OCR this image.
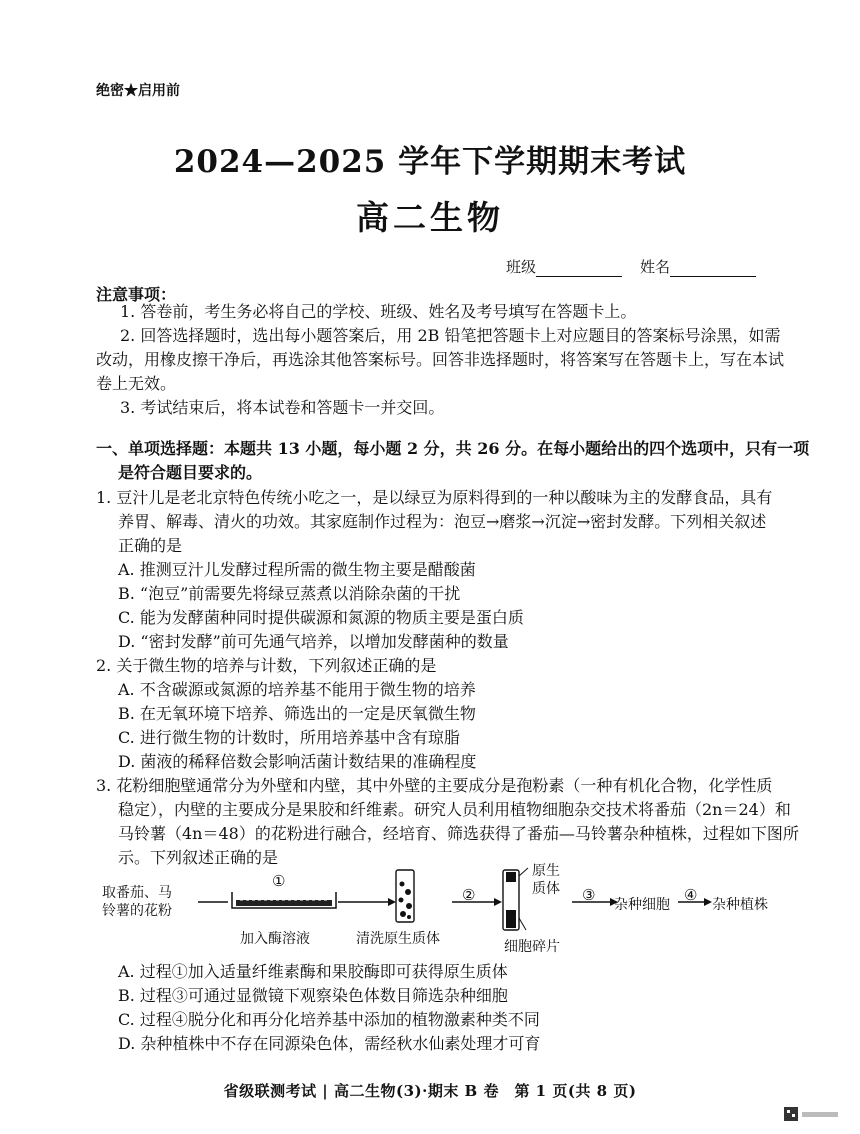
绝密★启用前
2024—2025 学年下学期期末考试
高二生物
班级	姓名
注意事项：
1. 答卷前，考生务必将自己的学校、班级、姓名及考号填写在答题卡上。
2. 回答选择题时，选出每小题答案后，用 2B 铅笔把答题卡上对应题目的答案标号涂黑，如需
改动，用橡皮擦干净后，再选涂其他答案标号。回答非选择题时，将答案写在答题卡上，写在本试
卷上无效。
3. 考试结束后，将本试卷和答题卡一并交回。
一、单项选择题：本题共 13 小题，每小题 2 分，共 26 分。在每小题给出的四个选项中，只有一项
是符合题目要求的。
1. 豆汁儿是老北京特色传统小吃之一，是以绿豆为原料得到的一种以酸味为主的发酵食品，具有
养胃、解毒、清火的功效。其家庭制作过程为：泡豆→磨浆→沉淀→密封发酵。下列相关叙述
正确的是
A. 推测豆汁儿发酵过程所需的微生物主要是醋酸菌
B. “泡豆”前需要先将绿豆蒸煮以消除杂菌的干扰
C. 能为发酵菌种同时提供碳源和氮源的物质主要是蛋白质
D. “密封发酵”前可先通气培养，以增加发酵菌种的数量
2. 关于微生物的培养与计数，下列叙述正确的是
A. 不含碳源或氮源的培养基不能用于微生物的培养
B. 在无氧环境下培养、筛选出的一定是厌氧微生物
C. 进行微生物的计数时，所用培养基中含有琼脂
D. 菌液的稀释倍数会影响活菌计数结果的准确程度
3. 花粉细胞壁通常分为外壁和内壁，其中外壁的主要成分是孢粉素（一种有机化合物，化学性质
稳定），内壁的主要成分是果胶和纤维素。研究人员利用植物细胞杂交技术将番茄（2n＝24）和
马铃薯（4n＝48）的花粉进行融合，经培育、筛选获得了番茄—马铃薯杂种植株，过程如下图所
示。下列叙述正确的是
取番茄、马
铃薯的花粉
①
加入酶溶液	清洗原生质体
②
原生
质体
细胞碎片
③
杂种细胞
④
杂种植株
A. 过程①加入适量纤维素酶和果胶酶即可获得原生质体
B. 过程③可通过显微镜下观察染色体数目筛选杂种细胞
C. 过程④脱分化和再分化培养基中添加的植物激素种类不同
D. 杂种植株中不存在同源染色体，需经秋水仙素处理才可育
省级联测考试 | 高二生物(3)·期末 B 卷　第 1 页(共 8 页)
